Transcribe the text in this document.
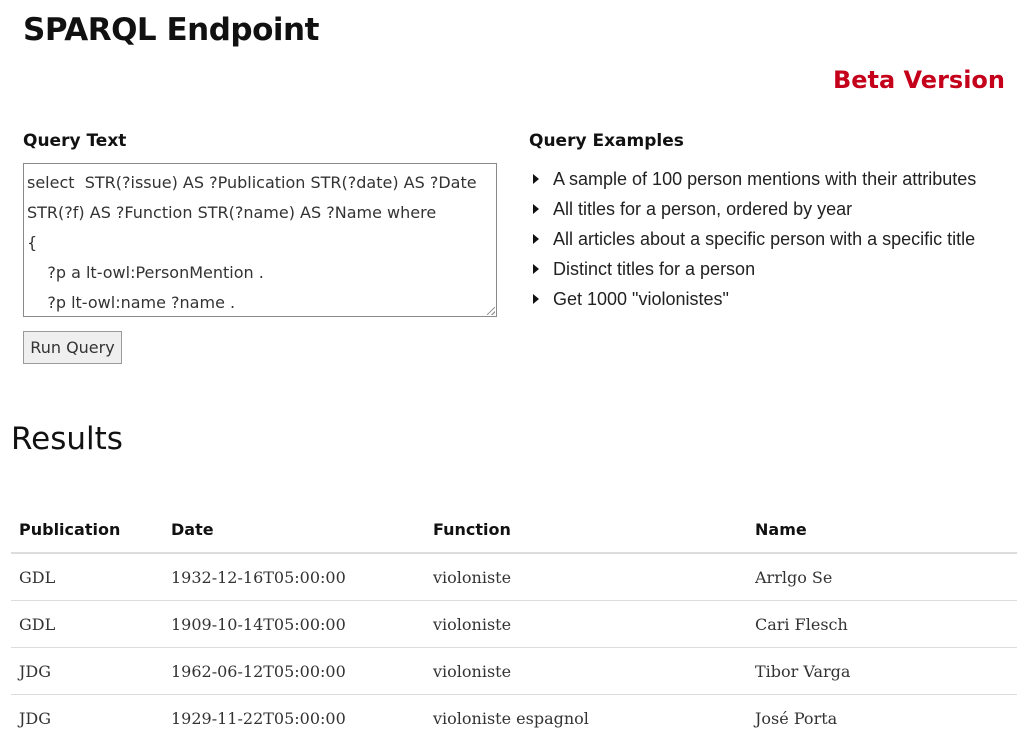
SPARQL Endpoint
Beta Version
Query Text
select  STR(?issue) AS ?Publication STR(?date) AS ?Date
STR(?f) AS ?Function STR(?name) AS ?Name where
{
	?p a lt-owl:PersonMention .
	?p lt-owl:name ?name .
Run Query
Query Examples
A sample of 100 person mentions with their attributes
All titles for a person, ordered by year
All articles about a specific person with a specific title
Distinct titles for a person
Get 1000 "violonistes"
Results
Publication	Date	Function	Name
GDL	1932-12-16T05:00:00	violoniste	Arrlgo Se
GDL	1909-10-14T05:00:00	violoniste	Cari Flesch
JDG	1962-06-12T05:00:00	violoniste	Tibor Varga
JDG	1929-11-22T05:00:00	violoniste espagnol	José Porta
